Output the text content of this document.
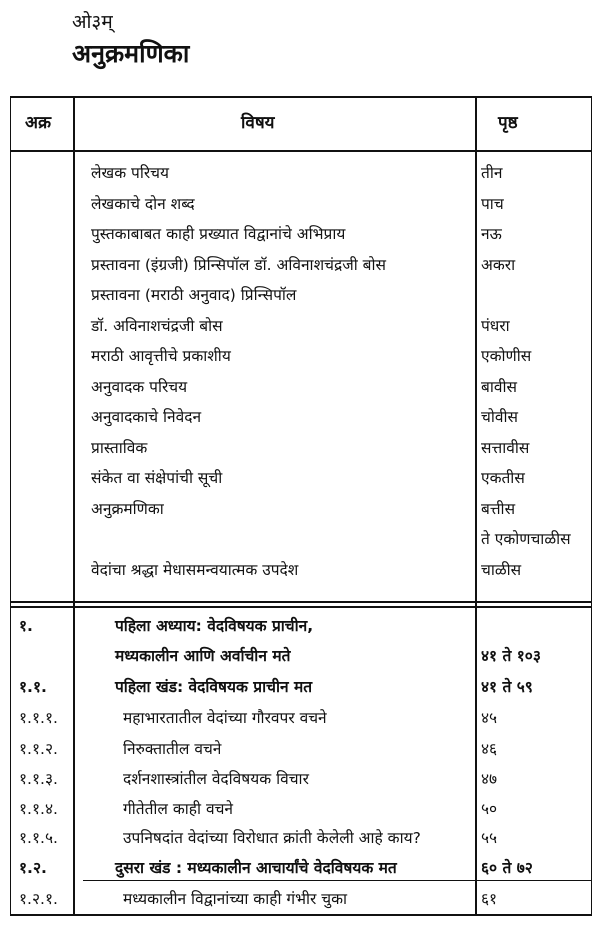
ओ३म्
अनुक्रमणिका
अक्र	विषय	पृष्ठ
लेखक परिचय	तीन
लेखकाचे दोन शब्द	पाच
पुस्तकाबाबत काही प्रख्यात विद्वानांचे अभिप्राय	नऊ
प्रस्तावना (इंग्रजी) प्रिन्सिपॉल डॉ. अविनाशचंद्रजी बोस	अकरा
प्रस्तावना (मराठी अनुवाद) प्रिन्सिपॉल
डॉ. अविनाशचंद्रजी बोस	पंधरा
मराठी आवृत्तीचे प्रकाशीय	एकोणीस
अनुवादक परिचय	बावीस
अनुवादकाचे निवेदन	चोवीस
प्रास्ताविक	सत्तावीस
संकेत वा संक्षेपांची सूची	एकतीस
अनुक्रमणिका	बत्तीस
ते एकोणचाळीस
वेदांचा श्रद्धा मेधासमन्वयात्मक उपदेश	चाळीस
१.	पहिला अध्याय: वेदविषयक प्राचीन,
मध्यकालीन आणि अर्वाचीन मते	४१ ते १०३
१.१.	पहिला खंड: वेदविषयक प्राचीन मत	४१ ते ५९
१.१.१.	महाभारतातील वेदांच्या गौरवपर वचने	४५
१.१.२.	निरुक्तातील वचने	४६
१.१.३.	दर्शनशास्त्रांतील वेदविषयक विचार	४७
१.१.४.	गीतेतील काही वचने	५०
१.१.५.	उपनिषदांत वेदांच्या विरोधात क्रांती केलेली आहे काय?	५५
१.२.	दुसरा खंड : मध्यकालीन आचार्यांचे वेदविषयक मत	६० ते ७२
१.२.१.	मध्यकालीन विद्वानांच्या काही गंभीर चुका	६१
